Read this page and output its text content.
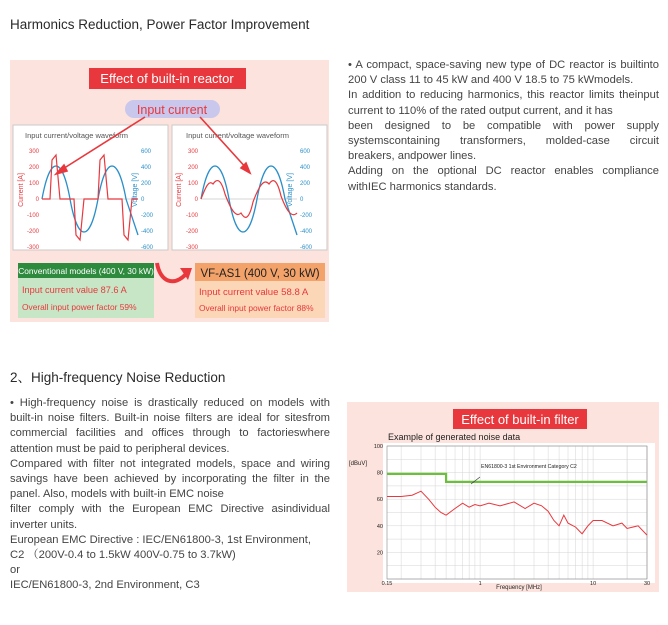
Harmonics Reduction, Power Factor Improvement
Effect of built-in reactor
Input current
Input current/voltage waveform
Current [A]	Voltage [V]
300
200
100
0
-100
-200
-300
600
400
200
0
-200
-400
-600
Input current/voltage waveform
Current [A]	Voltage [V]
300
200
100
0
-100
-200
-300
600
400
200
0
-200
-400
-600
Conventional models (400 V, 30 kW)
Input current value 87.6 A
Overall input power factor 59%
VF-AS1 (400 V, 30 kW)
Input current value 58.8 A
Overall input power factor 88%
• A compact, space-saving new type of DC reactor is builtinto
200 V class 11 to 45 kW and 400 V 18.5 to 75 kWmodels.
In addition to reducing harmonics, this reactor limits theinput
current to 110% of the rated output current, and it has
been designed to be compatible with power supply
systemscontaining transformers, molded-case circuit
breakers, andpower lines.
Adding on the optional DC reactor enables compliance
withIEC harmonics standards.
2、High-frequency Noise Reduction
• High-frequency noise is drastically reduced on models with
built-in noise filters. Built-in noise filters are ideal for sitesfrom
commercial facilities and offices through to factorieswhere
attention must be paid to peripheral devices.
Compared with filter not integrated models, space and wiring
savings have been achieved by incorporating the filter in the
panel. Also, models with built-in EMC noise
filter comply with the European EMC Directive asindividual
inverter units.
European EMC Directive : IEC/EN61800-3, 1st Environment,
C2 （200V-0.4 to 1.5kW 400V-0.75 to 3.7kW)
or
IEC/EN61800-3, 2nd Environment, C3
Effect of built-in filter
Example of generated noise data
[dBuV]
100
80
60
40
20
0.15	1	10	30
EN61800-3 1st Environment Category C2
Frequency [MHz]
